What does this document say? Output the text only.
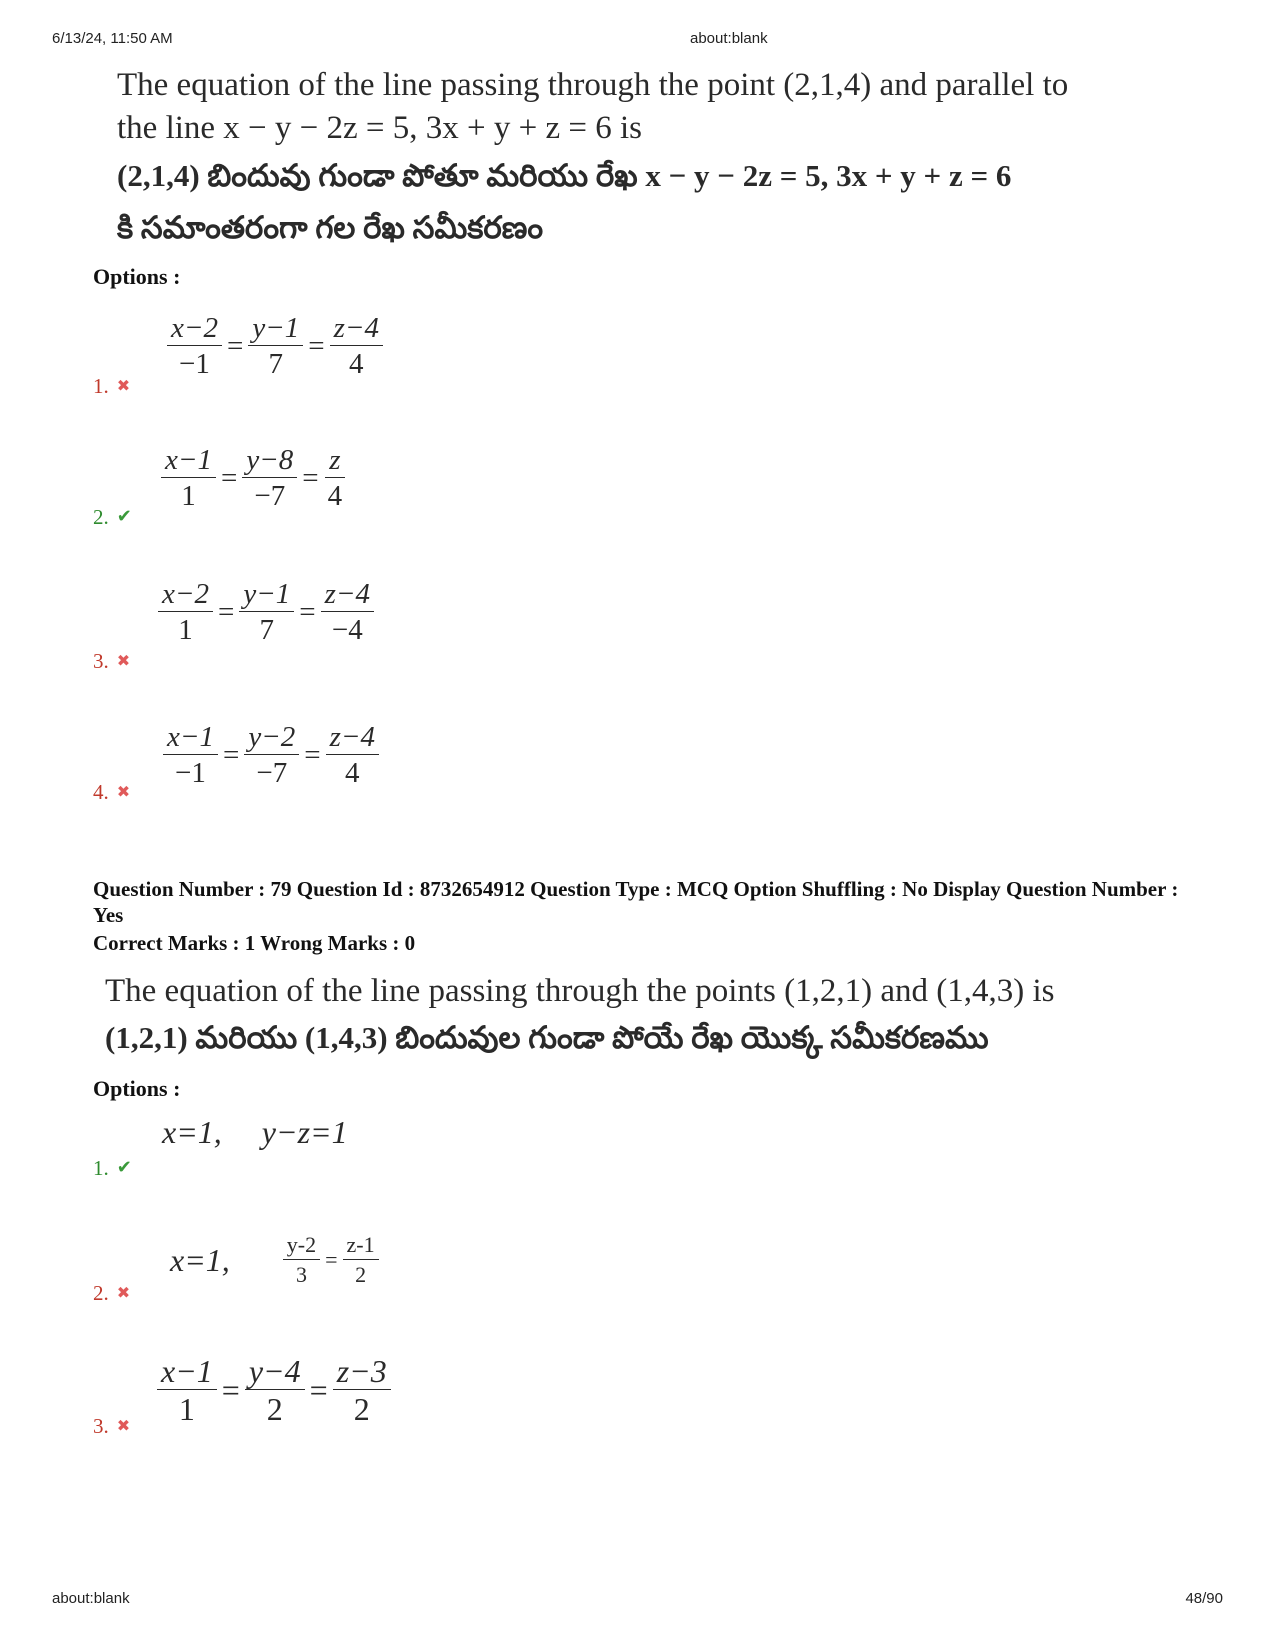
6/13/24, 11:50 AM	about:blank
about:blank	48/90
The equation of the line passing through the point (2,1,4) and parallel to
the line x − y − 2z = 5, 3x + y + z = 6 is
(2,1,4) బిందువు గుండా పోతూ మరియు రేఖ x − y − 2z = 5, 3x + y + z = 6
కి సమాంతరంగా గల రేఖ సమీకరణం
Options :
$\frac{x-2}{-1} = \frac{y-1}{7} = \frac{z-4}{4}$
1. ✖
$\frac{x-1}{1} = \frac{y-8}{-7} = \frac{z}{4}$
2. ✔
$\frac{x-2}{1} = \frac{y-1}{7} = \frac{z-4}{-4}$
3. ✖
$\frac{x-1}{-1} = \frac{y-2}{-7} = \frac{z-4}{4}$
4. ✖
Question Number : 79 Question Id : 8732654912 Question Type : MCQ Option Shuffling : No Display Question Number : Yes
Correct Marks : 1 Wrong Marks : 0
The equation of the line passing through the points (1,2,1) and (1,4,3) is
(1,2,1) మరియు (1,4,3) బిందువుల గుండా పోయే రేఖ యొక్క సమీకరణము
Options :
x=1,     y−z=1
1. ✔
x=1, $\frac{y-2}{3} = \frac{z-1}{2}$
2. ✖
$\frac{x-1}{1} = \frac{y-4}{2} = \frac{z-3}{2}$
3. ✖
